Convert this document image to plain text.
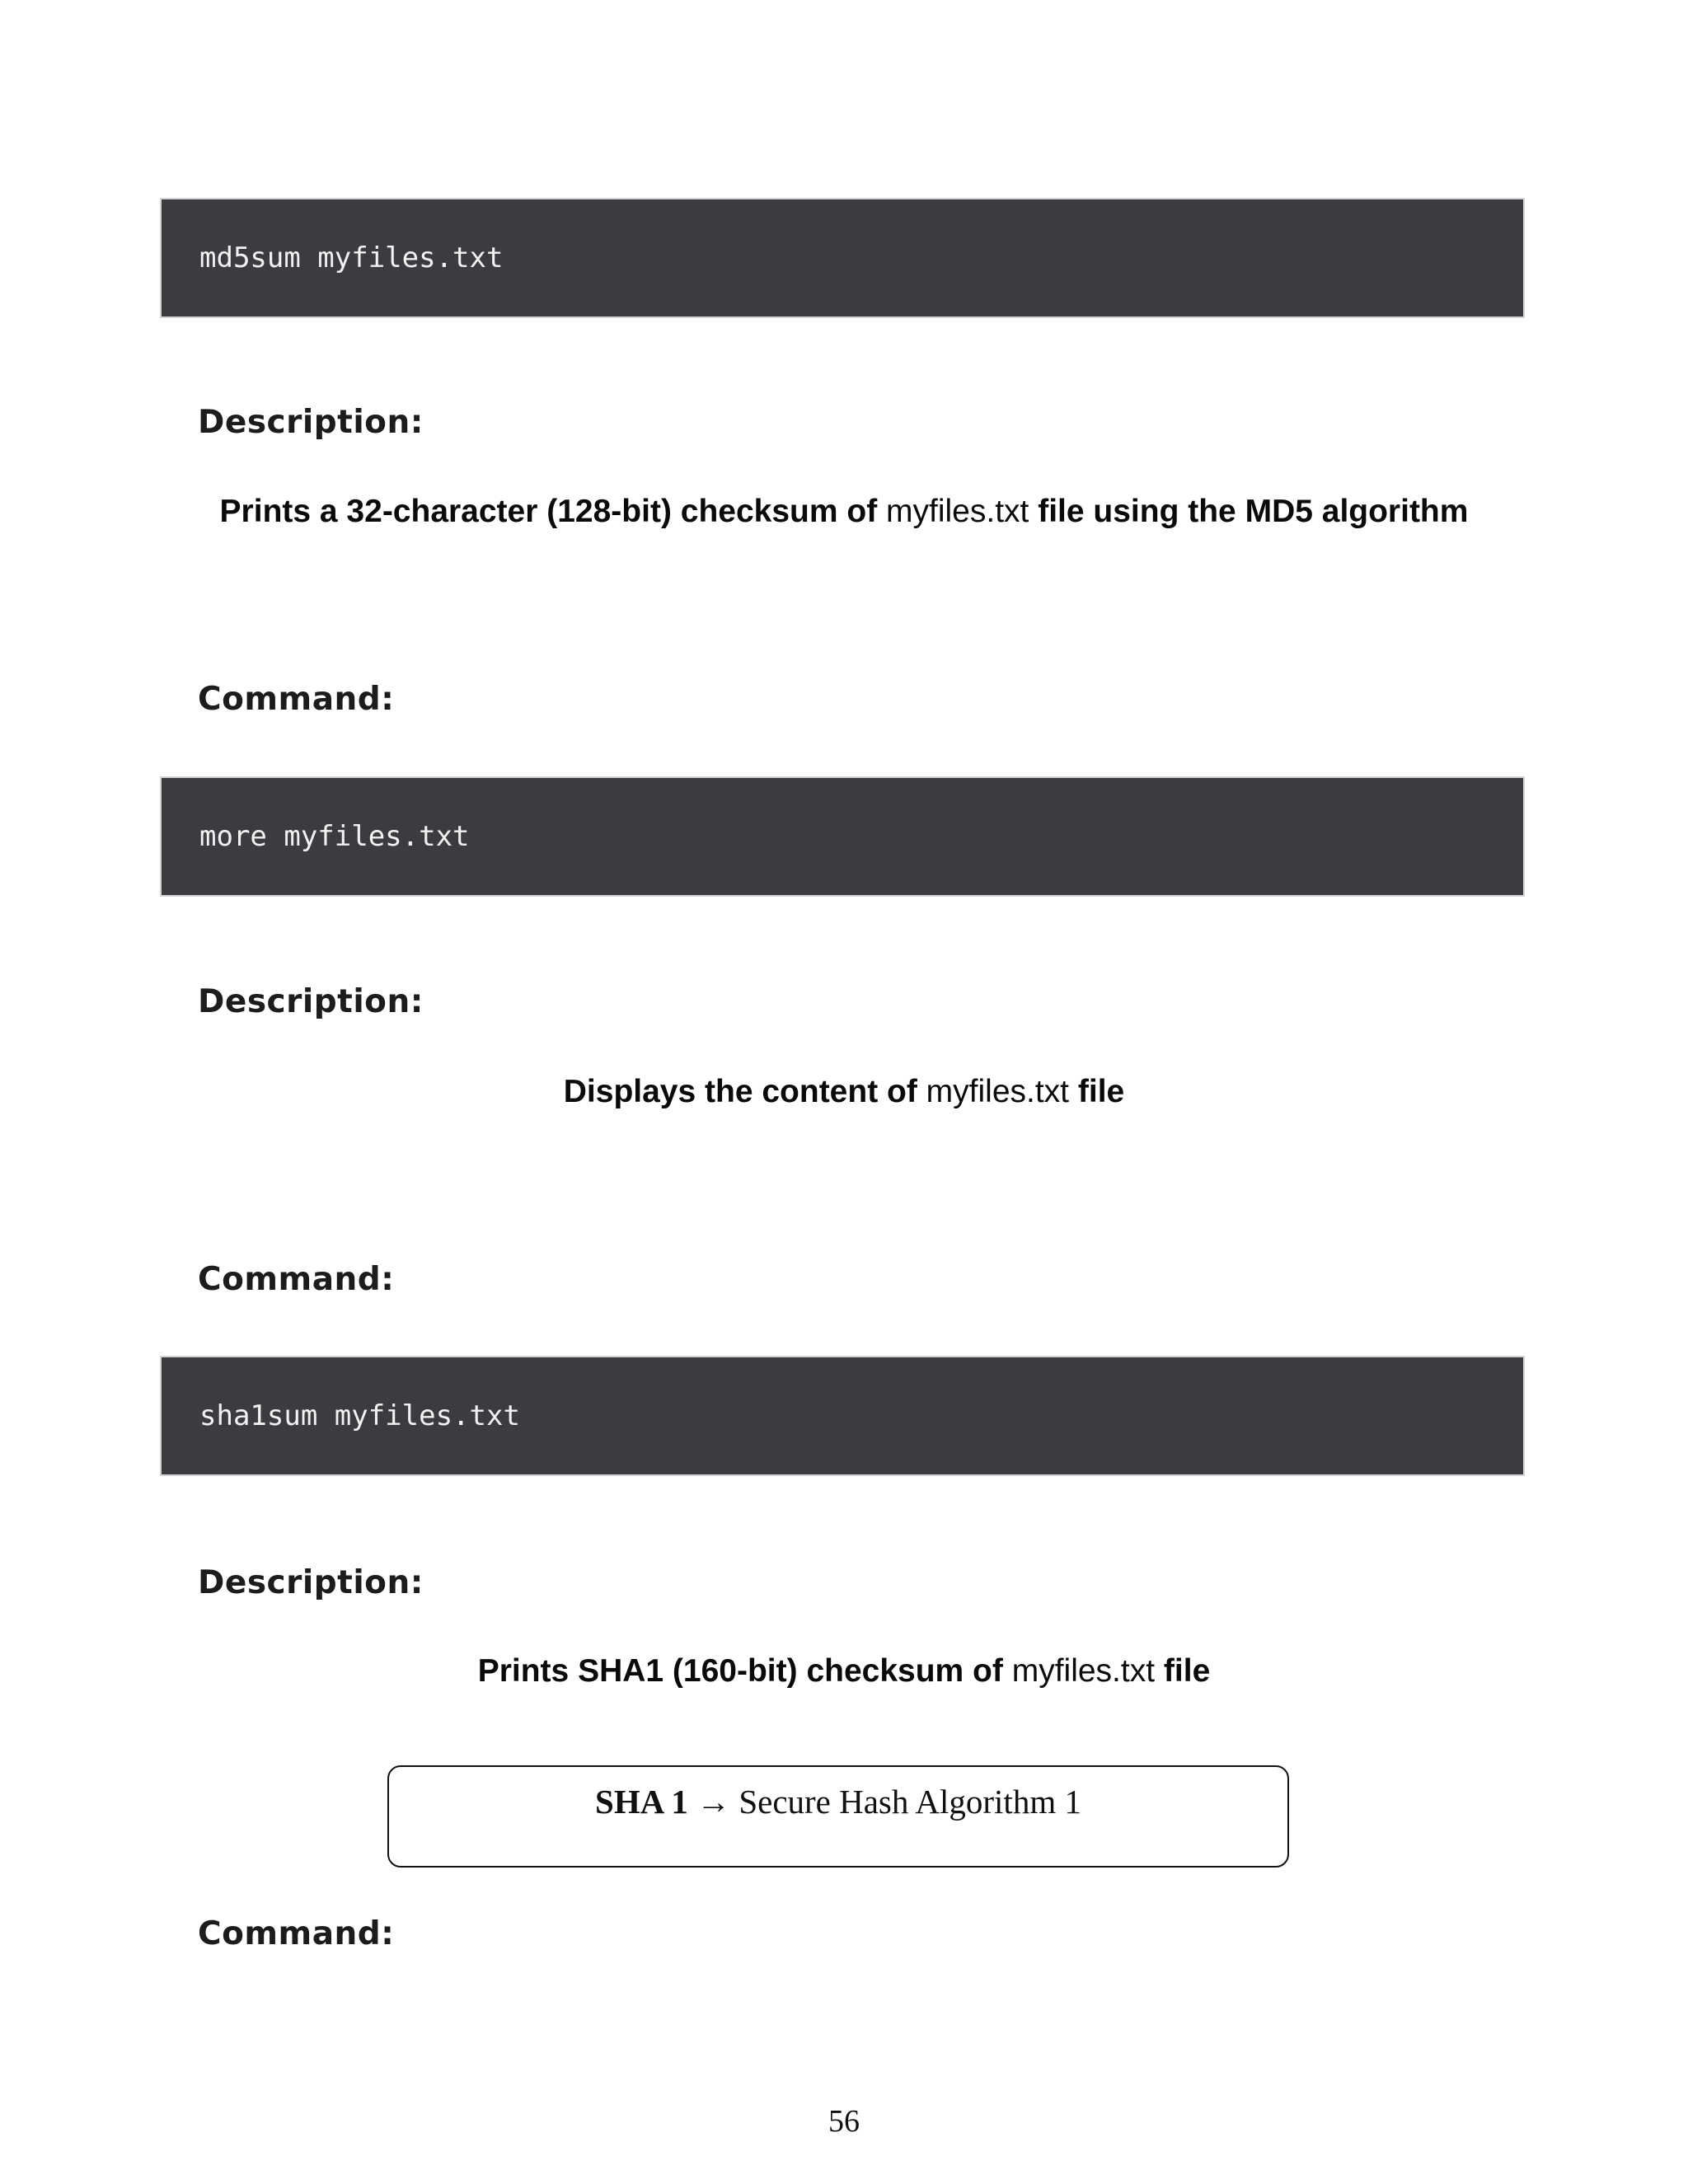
md5sum myfiles.txt
Description:
Prints a 32-character (128-bit) checksum of myfiles.txt file using the MD5 algorithm
Command:
more myfiles.txt
Description:
Displays the content of myfiles.txt file
Command:
sha1sum myfiles.txt
Description:
Prints SHA1 (160-bit) checksum of myfiles.txt file
SHA 1 → Secure Hash Algorithm 1
Command:
56
